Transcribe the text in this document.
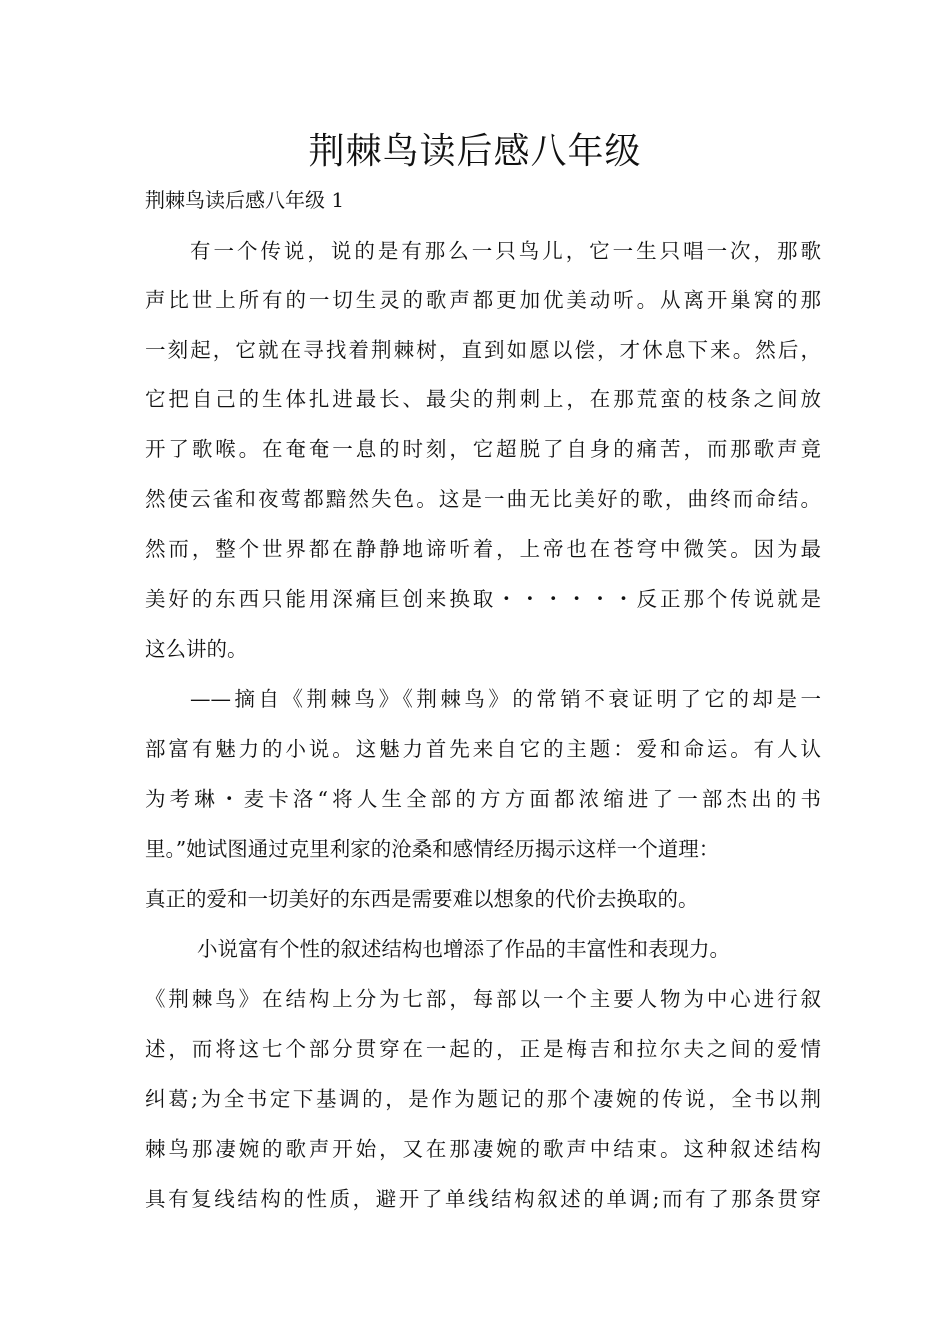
荆棘鸟读后感八年级

荆棘鸟读后感八年级 1

有一个传说，说的是有那么一只鸟儿，它一生只唱一次，那歌

声比世上所有的一切生灵的歌声都更加优美动听。从离开巢窝的那

一刻起，它就在寻找着荆棘树，直到如愿以偿，才休息下来。然后，

它把自己的生体扎进最长、最尖的荆刺上，在那荒蛮的枝条之间放

开了歌喉。在奄奄一息的时刻，它超脱了自身的痛苦，而那歌声竟

然使云雀和夜莺都黯然失色。这是一曲无比美好的歌，曲终而命结。

然而，整个世界都在静静地谛听着，上帝也在苍穹中微笑。因为最

美好的东西只能用深痛巨创来换取・・・・・・反正那个传说就是

这么讲的。

——摘自《荆棘鸟》《荆棘鸟》的常销不衰证明了它的却是一

部富有魅力的小说。这魅力首先来自它的主题：爱和命运。有人认

为考琳・麦卡洛“将人生全部的方方面都浓缩进了一部杰出的书

里。”她试图通过克里利家的沧桑和感情经历揭示这样一个道理：

真正的爱和一切美好的东西是需要难以想象的代价去换取的。

小说富有个性的叙述结构也增添了作品的丰富性和表现力。

《荆棘鸟》在结构上分为七部，每部以一个主要人物为中心进行叙

述，而将这七个部分贯穿在一起的，正是梅吉和拉尔夫之间的爱情

纠葛;为全书定下基调的，是作为题记的那个凄婉的传说，全书以荆

棘鸟那凄婉的歌声开始，又在那凄婉的歌声中结束。这种叙述结构

具有复线结构的性质，避开了单线结构叙述的单调;而有了那条贯穿
